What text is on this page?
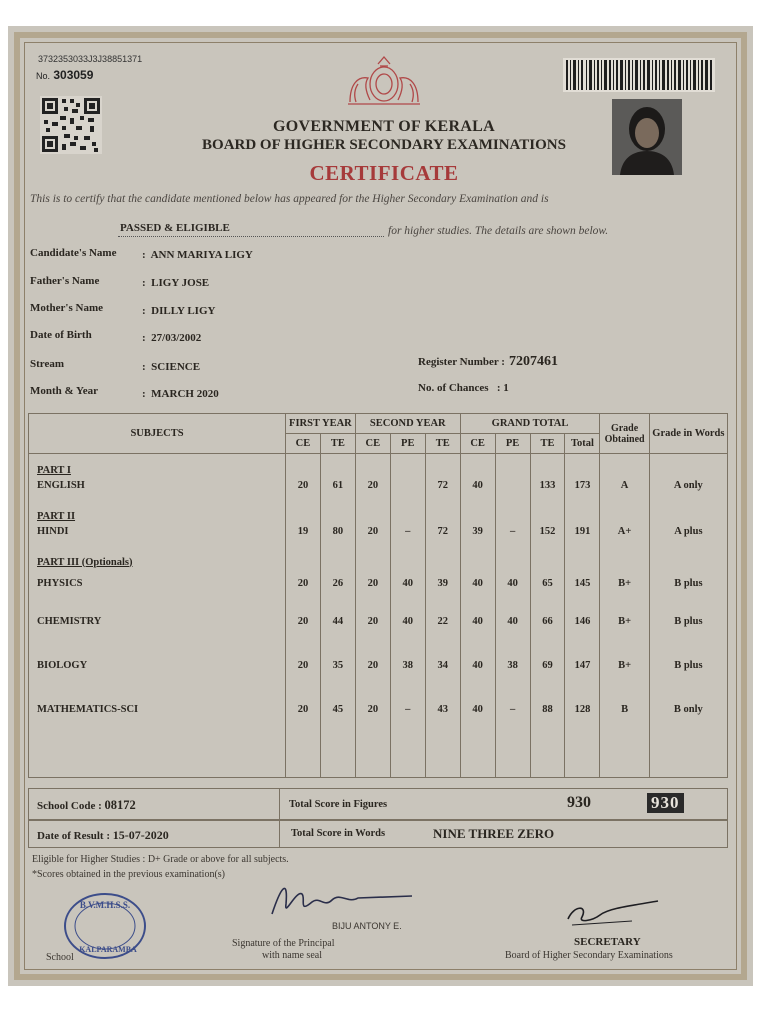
3732353033J3J38851371
No. 303059
GOVERNMENT OF KERALA
BOARD OF HIGHER SECONDARY EXAMINATIONS
CERTIFICATE
This is to certify that the candidate mentioned below has appeared for the Higher Secondary Examination and is
PASSED & ELIGIBLE	for higher studies. The details are shown below.
Candidate's Name : ANN MARIYA LIGY
Father's Name	: LIGY JOSE
Mother's Name	: DILLY LIGY
Date of Birth	: 27/03/2002
Stream	: SCIENCE
Month & Year	: MARCH 2020
Register Number : 7207461
No. of Chances : 1
SUBJECTS	FIRST YEAR		SECOND YEAR			GRAND TOTAL				Grade Obtained	Grade in Words
	CE	TE	CE	PE	TE	CE	PE	TE	Total		
PART I											
ENGLISH	20	61	20		72	40		133	173	A	A only
PART II											
HINDI	19	80	20	–	72	39	–	152	191	A+	A plus
PART III (Optionals)											
PHYSICS	20	26	20	40	39	40	40	65	145	B+	B plus
CHEMISTRY	20	44	20	40	22	40	40	66	146	B+	B plus
BIOLOGY	20	35	20	38	34	40	38	69	147	B+	B plus
MATHEMATICS-SCI	20	45	20	–	43	40	–	88	128	B	B only

School Code : 08172	Total Score in Figures	930	930
Date of Result : 15-07-2020	Total Score in Words	NINE THREE ZERO
Eligible for Higher Studies : D+ Grade or above for all subjects.
*Scores obtained in the previous examination(s)
B.V.M.H.S.S.
KALPARAMBA
School
BIJU ANTONY E.
Signature of the Principal
with name seal
SECRETARY
Board of Higher Secondary Examinations
